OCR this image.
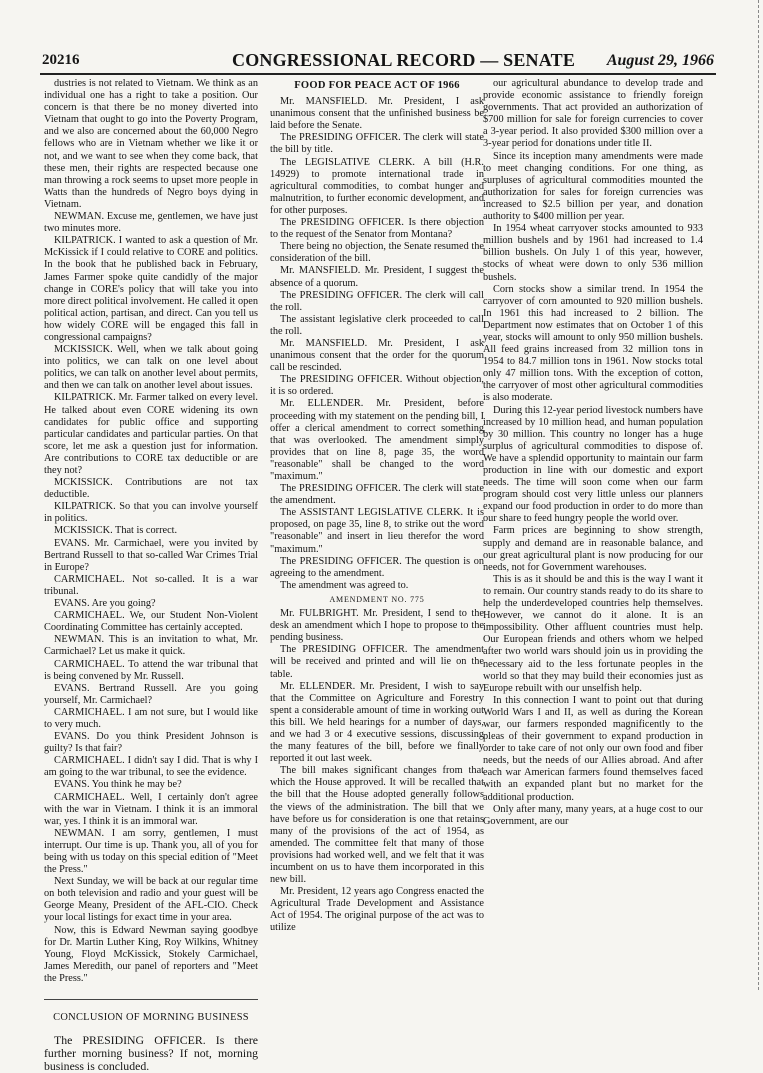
20216	CONGRESSIONAL RECORD — SENATE August 29, 1966

dustries is not related to Vietnam. We think as an individual one has a right to take a position. Our concern is that there be no money diverted into Vietnam that ought to go into the Poverty Program, and we also are concerned about the 60,000 Negro fellows who are in Vietnam whether we like it or not, and we want to see when they come back, that these men, their rights are respected because one man throwing a rock seems to upset more people in Watts than the hundreds of Negro boys dying in Vietnam.

NEWMAN. Excuse me, gentlemen, we have just two minutes more.

KILPATRICK. I wanted to ask a question of Mr. McKissick if I could relative to CORE and politics. In the book that he published back in February, James Farmer spoke quite candidly of the major change in CORE's policy that will take you into more direct political involvement. He called it open political action, partisan, and direct. Can you tell us how widely CORE will be engaged this fall in congressional campaigns?

MCKISSICK. Well, when we talk about going into politics, we can talk on one level about politics, we can talk on another level about permits, and then we can talk on another level about issues.

KILPATRICK. Mr. Farmer talked on every level. He talked about even CORE widening its own candidates for public office and supporting particular candidates and particular parties. On that score, let me ask a question just for information. Are contributions to CORE tax deductible or are they not?

MCKISSICK. Contributions are not tax deductible.

KILPATRICK. So that you can involve yourself in politics.

MCKISSICK. That is correct.

EVANS. Mr. Carmichael, were you invited by Bertrand Russell to that so-called War Crimes Trial in Europe?

CARMICHAEL. Not so-called. It is a war tribunal.

EVANS. Are you going?

CARMICHAEL. We, our Student Non-Violent Coordinating Committee has certainly accepted.

NEWMAN. This is an invitation to what, Mr. Carmichael? Let us make it quick.

CARMICHAEL. To attend the war tribunal that is being convened by Mr. Russell.

EVANS. Bertrand Russell. Are you going yourself, Mr. Carmichael?

CARMICHAEL. I am not sure, but I would like to very much.

EVANS. Do you think President Johnson is guilty? Is that fair?

CARMICHAEL. I didn't say I did. That is why I am going to the war tribunal, to see the evidence.

EVANS. You think he may be?

CARMICHAEL. Well, I certainly don't agree with the war in Vietnam. I think it is an immoral war, yes. I think it is an immoral war.

NEWMAN. I am sorry, gentlemen, I must interrupt. Our time is up. Thank you, all of you for being with us today on this special edition of "Meet the Press."

Next Sunday, we will be back at our regular time on both television and radio and your guest will be George Meany, President of the AFL-CIO. Check your local listings for exact time in your area.

Now, this is Edward Newman saying goodbye for Dr. Martin Luther King, Roy Wilkins, Whitney Young, Floyd McKissick, Stokely Carmichael, James Meredith, our panel of reporters and "Meet the Press."

CONCLUSION OF MORNING BUSINESS

The PRESIDING OFFICER. Is there further morning business? If not, morning business is concluded.

FOOD FOR PEACE ACT OF 1966

Mr. MANSFIELD. Mr. President, I ask unanimous consent that the unfinished business be laid before the Senate.

The PRESIDING OFFICER. The clerk will state the bill by title.

The LEGISLATIVE CLERK. A bill (H.R. 14929) to promote international trade in agricultural commodities, to combat hunger and malnutrition, to further economic development, and for other purposes.

The PRESIDING OFFICER. Is there objection to the request of the Senator from Montana?

There being no objection, the Senate resumed the consideration of the bill.

Mr. MANSFIELD. Mr. President, I suggest the absence of a quorum.

The PRESIDING OFFICER. The clerk will call the roll.

The assistant legislative clerk proceeded to call the roll.

Mr. MANSFIELD. Mr. President, I ask unanimous consent that the order for the quorum call be rescinded.

The PRESIDING OFFICER. Without objection, it is so ordered.

Mr. ELLENDER. Mr. President, before proceeding with my statement on the pending bill, I offer a clerical amendment to correct something that was overlooked. The amendment simply provides that on line 8, page 35, the word "reasonable" shall be changed to the word "maximum."

The PRESIDING OFFICER. The clerk will state the amendment.

The ASSISTANT LEGISLATIVE CLERK. It is proposed, on page 35, line 8, to strike out the word "reasonable" and insert in lieu therefor the word "maximum."

The PRESIDING OFFICER. The question is on agreeing to the amendment.

The amendment was agreed to.

AMENDMENT NO. 775

Mr. FULBRIGHT. Mr. President, I send to the desk an amendment which I hope to propose to the pending business.

The PRESIDING OFFICER. The amendment will be received and printed and will lie on the table.

Mr. ELLENDER. Mr. President, I wish to say that the Committee on Agriculture and Forestry spent a considerable amount of time in working out this bill. We held hearings for a number of days, and we had 3 or 4 executive sessions, discussing the many features of the bill, before we finally reported it out last week.

The bill makes significant changes from that which the House approved. It will be recalled that the bill that the House adopted generally follows the views of the administration. The bill that we have before us for consideration is one that retains many of the provisions of the act of 1954, as amended. The committee felt that many of those provisions had worked well, and we felt that it was incumbent on us to have them incorporated in this new bill.

Mr. President, 12 years ago Congress enacted the Agricultural Trade Development and Assistance Act of 1954. The original purpose of the act was to utilize

our agricultural abundance to develop trade and provide economic assistance to friendly foreign governments. That act provided an authorization of $700 million for sale for foreign currencies to cover a 3-year period. It also provided $300 million over a 3-year period for donations under title II.

Since its inception many amendments were made to meet changing conditions. For one thing, as surpluses of agricultural commodities mounted the authorization for sales for foreign currencies was increased to $2.5 billion per year, and donation authority to $400 million per year.

In 1954 wheat carryover stocks amounted to 933 million bushels and by 1961 had increased to 1.4 billion bushels. On July 1 of this year, however, stocks of wheat were down to only 536 million bushels.

Corn stocks show a similar trend. In 1954 the carryover of corn amounted to 920 million bushels. In 1961 this had increased to 2 billion. The Department now estimates that on October 1 of this year, stocks will amount to only 950 million bushels. All feed grains increased from 32 million tons in 1954 to 84.7 million tons in 1961. Now stocks total only 47 million tons. With the exception of cotton, the carryover of most other agricultural commodities is also moderate.

During this 12-year period livestock numbers have increased by 10 million head, and human population by 30 million. This country no longer has a huge surplus of agricultural commodities to dispose of. We have a splendid opportunity to maintain our farm production in line with our domestic and export needs. The time will soon come when our farm program should cost very little unless our planners expand our food production in order to do more than our share to feed hungry people the world over.

Farm prices are beginning to show strength, supply and demand are in reasonable balance, and our great agricultural plant is now producing for our needs, not for Government warehouses.

This is as it should be and this is the way I want it to remain. Our country stands ready to do its share to help the underdeveloped countries help themselves. However, we cannot do it alone. It is an impossibility. Other affluent countries must help. Our European friends and others whom we helped after two world wars should join us in providing the necessary aid to the less fortunate peoples in the world so that they may build their economies just as Europe rebuilt with our unselfish help.

In this connection I want to point out that during World Wars I and II, as well as during the Korean war, our farmers responded magnificently to the pleas of their government to expand production in order to take care of not only our own food and fiber needs, but the needs of our Allies abroad. And after each war American farmers found themselves faced with an expanded plant but no market for the additional production.

Only after many, many years, at a huge cost to our Government, are our
